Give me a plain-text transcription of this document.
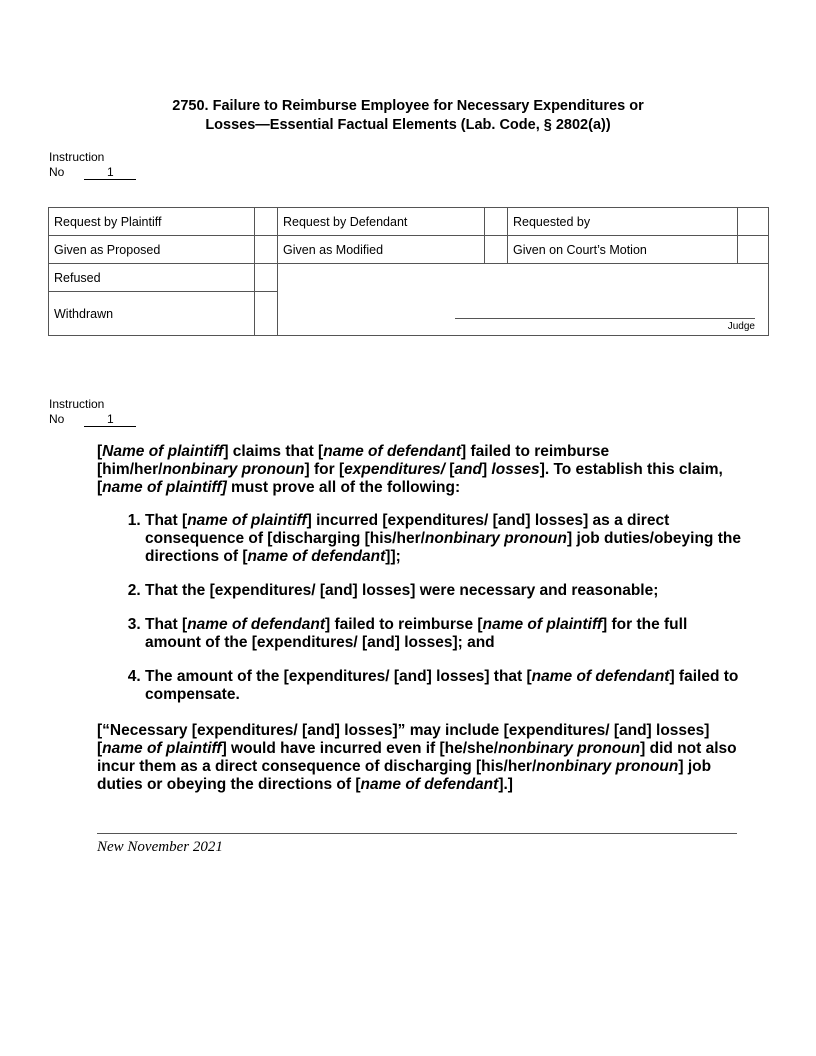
2750. Failure to Reimburse Employee for Necessary Expenditures or
Losses—Essential Factual Elements (Lab. Code, § 2802(a))
Instruction
No	1
Request by Plaintiff		Request by Defendant		Requested by	
Given as Proposed		Given as Modified		Given on Court’s Motion	
Refused		Judge			

Withdrawn					
Instruction
No	1

[Name of plaintiff] claims that [name of defendant] failed to reimburse [him/her/nonbinary pronoun] for [expenditures/ [and] losses]. To establish this claim, [name of plaintiff] must prove all of the following:

1. That [name of plaintiff] incurred [expenditures/ [and] losses] as a direct consequence of [discharging [his/her/nonbinary pronoun] job duties/obeying the directions of [name of defendant]];
2. That the [expenditures/ [and] losses] were necessary and reasonable;
3. That [name of defendant] failed to reimburse [name of plaintiff] for the full amount of the [expenditures/ [and] losses]; and
4. The amount of the [expenditures/ [and] losses] that [name of defendant] failed to compensate.

[“Necessary [expenditures/ [and] losses]” may include [expenditures/ [and] losses] [name of plaintiff] would have incurred even if [he/she/nonbinary pronoun] did not also incur them as a direct consequence of discharging [his/her/nonbinary pronoun] job duties or obeying the directions of [name of defendant].]

New November 2021
